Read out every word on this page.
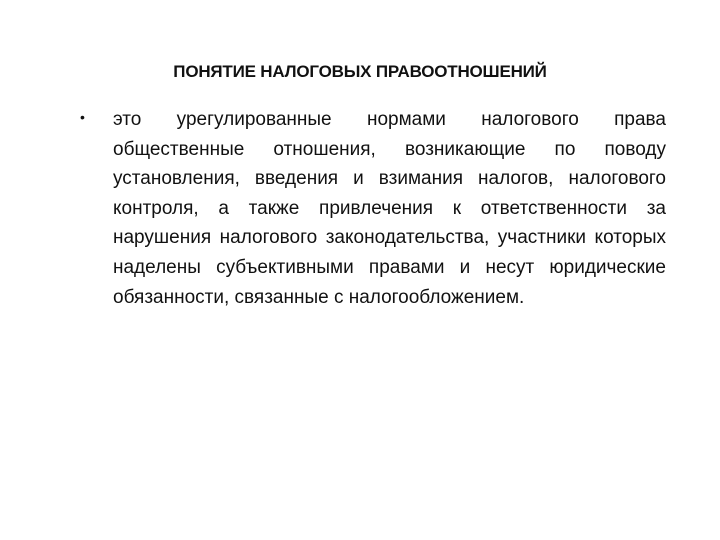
ПОНЯТИЕ НАЛОГОВЫХ ПРАВООТНОШЕНИЙ
• это урегулированные нормами налогового права общественные отношения, возникающие по поводу установления, введения и взимания налогов, налогового контроля, а также привлечения к ответственности за нарушения налогового законодательства, участники которых наделены субъективными правами и несут юридические обязанности, связанные с налогообложением.
